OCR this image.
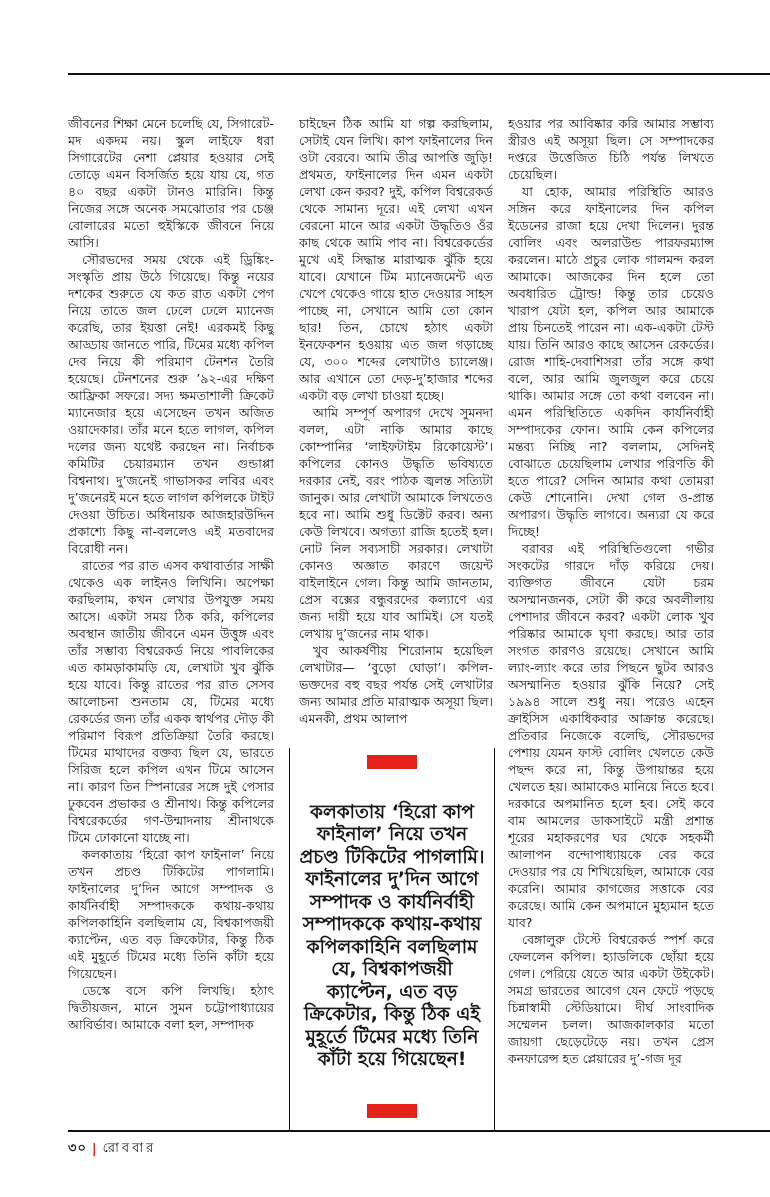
জীবনের শিক্ষা মেনে চলেছি যে, সিগারেট-মদ একদম নয়। স্কুল লাইফে ধরা সিগারেটের নেশা প্লেয়ার হওয়ার সেই তোড়ে এমন বিসর্জিত হয়ে যায় যে, গত ৪০ বছর একটা টানও মারিনি। কিন্তু নিজের সঙ্গে অনেক সমঝোতার পর চেঞ্জ বোলারের মতো হুইস্কিকে জীবনে নিয়ে আসি।

সৌরভদের সময় থেকে এই ড্রিঙ্কিং-সংস্কৃতি প্রায় উঠে গিয়েছে। কিন্তু নয়ের দশকের শুরুতে যে কত রাত একটা পেগ নিয়ে তাতে জল ঢেলে ঢেলে ম্যানেজ করেছি, তার ইয়ত্তা নেই! এরকমই কিছু আড্ডায় জানতে পারি, টিমের মধ্যে কপিল দেব নিয়ে কী পরিমাণ টেনশন তৈরি হয়েছে। টেনশনের শুরু ’৯২-এর দক্ষিণ আফ্রিকা সফরে। সদ্য ক্ষমতাশালী ক্রিকেট ম্যানেজার হয়ে এসেছেন তখন অজিত ওয়াদেকার। তাঁর মনে হতে লাগল, কপিল দলের জন্য যথেষ্ট করছেন না। নির্বাচক কমিটির চেয়ারম্যান তখন গুন্ডাপ্পা বিশ্বনাথ। দু’জনেই গাভাসকর লবির এবং দু’জনেরই মনে হতে লাগল কপিলকে টাইট দেওয়া উচিত। অধিনায়ক আজহারউদ্দিন প্রকাশ্যে কিছু না-বললেও এই মতবাদের বিরোধী নন।

রাতের পর রাত এসব কথাবার্তার সাক্ষী থেকেও এক লাইনও লিখিনি। অপেক্ষা করছিলাম, কখন লেখার উপযুক্ত সময় আসে। একটা সময় ঠিক করি, কপিলের অবস্থান জাতীয় জীবনে এমন উত্তুঙ্গ এবং তাঁর সম্ভাব্য বিশ্বরেকর্ড নিয়ে পাবলিকের এত কামড়াকামড়ি যে, লেখাটা খুব ঝুঁকি হয়ে যাবে। কিন্তু রাতের পর রাত সেসব আলোচনা শুনতাম যে, টিমের মধ্যে রেকর্ডের জন্য তাঁর একক স্বার্থপর দৌড় কী পরিমাণ বিরূপ প্রতিক্রিয়া তৈরি করছে। টিমের মাথাদের বক্তব্য ছিল যে, ভারতে সিরিজ হলে কপিল এখন টিমে আসেন না। কারণ তিন স্পিনারের সঙ্গে দুই পেসার ঢুকবেন প্রভাকর ও শ্রীনাথ। কিন্তু কপিলের বিশ্বরেকর্ডের গণ-উন্মাদনায় শ্রীনাথকে টিমে ঢোকানো যাচ্ছে না।

কলকাতায় ‘হিরো কাপ ফাইনাল’ নিয়ে তখন প্রচণ্ড টিকিটের পাগলামি। ফাইনালের দু’দিন আগে সম্পাদক ও কার্যনির্বাহী সম্পাদককে কথায়-কথায় কপিলকাহিনি বলছিলাম যে, বিশ্বকাপজয়ী ক্যাপ্টেন, এত বড় ক্রিকেটার, কিন্তু ঠিক এই মুহূর্তে টিমের মধ্যে তিনি কাঁটা হয়ে গিয়েছেন।

ডেস্কে বসে কপি লিখছি। হঠাৎ দ্বিতীয়জন, মানে সুমন চট্টোপাধ্যায়ের আবির্ভাব। আমাকে বলা হল, সম্পাদক

চাইছেন ঠিক আমি যা গল্প করছিলাম, সেটাই যেন লিখি। কাপ ফাইনালের দিন ওটা বেরবে। আমি তীব্র আপত্তি জুড়ি! প্রথমত, ফাইনালের দিন এমন একটা লেখা কেন করব? দুই, কপিল বিশ্বরেকর্ড থেকে সামান্য দূরে। এই লেখা এখন বেরনো মানে আর একটা উদ্ধৃতিও ওঁর কাছ থেকে আমি পাব না। বিশ্বরেকর্ডের মুখে এই সিদ্ধান্ত মারাত্মক ঝুঁকি হয়ে যাবে। যেখানে টিম ম্যানেজমেন্ট এত খেপে থেকেও গায়ে হাত দেওয়ার সাহস পাচ্ছে না, সেখানে আমি তো কোন ছার! তিন, চোখে হঠাৎ একটা ইনফেকশন হওয়ায় এত জল গড়াচ্ছে যে, ৩০০ শব্দের লেখাটাও চ্যালেঞ্জ। আর এখানে তো দেড়-দু’হাজার শব্দের একটা বড় লেখা চাওয়া হচ্ছে।

আমি সম্পূর্ণ অপারগ দেখে সুমনদা বলল, এটা নাকি আমার কাছে কোম্পানির ‘লাইফটাইম রিকোয়েস্ট’। কপিলের কোনও উদ্ধৃতি ভবিষ্যতে দরকার নেই, বরং পাঠক জ্বলন্ত সত্যিটা জানুক। আর লেখাটা আমাকে লিখতেও হবে না। আমি শুধু ডিক্টেট করব। অন্য কেউ লিখবে। অগত্যা রাজি হতেই হল। নোট নিল সব্যসাচী সরকার। লেখাটা কোনও অজ্ঞাত কারণে জয়েন্ট বাইলাইনে গেল। কিন্তু আমি জানতাম, প্রেস বক্সের বন্ধুবরদের কল্যাণে এর জন্য দায়ী হয়ে যাব আমিই। সে যতই লেখায় দু’জনের নাম থাক।

খুব আকর্ষণীয় শিরোনাম হয়েছিল লেখাটার— ‘বুড়ো ঘোড়া’। কপিল-ভক্তদের বহু বছর পর্যন্ত সেই লেখাটার জন্য আমার প্রতি মারাত্মক অসূয়া ছিল। এমনকী, প্রথম আলাপ

হওয়ার পর আবিষ্কার করি আমার সম্ভাব্য স্ত্রীরও এই অসূয়া ছিল। সে সম্পাদকের দপ্তরে উত্তেজিত চিঠি পর্যন্ত লিখতে চেয়েছিল।

যা হোক, আমার পরিস্থিতি আরও সঙ্গিন করে ফাইনালের দিন কপিল ইডেনের রাজা হয়ে দেখা দিলেন। দুরন্ত বোলিং এবং অলরাউন্ড পারফরম্যান্স করলেন। মাঠে প্রচুর লোক গালমন্দ করল আমাকে। আজকের দিন হলে তো অবধারিত ট্রোল্ড! কিন্তু তার চেয়েও খারাপ যেটা হল, কপিল আর আমাকে প্রায় চিনতেই পারেন না। এক-একটা টেস্ট যায়। তিনি আরও কাছে আসেন রেকর্ডের। রোজ শাহি-দেবাশিসরা তাঁর সঙ্গে কথা বলে, আর আমি জুলজুল করে চেয়ে থাকি। আমার সঙ্গে তো কথা বলবেন না। এমন পরিস্থিতিতে একদিন কার্যনির্বাহী সম্পাদকের ফোন। আমি কেন কপিলের মন্তব্য নিচ্ছি না? বললাম, সেদিনই বোঝাতে চেয়েছিলাম লেখার পরিণতি কী হতে পারে? সেদিন আমার কথা তোমরা কেউ শোনোনি। দেখা গেল ও-প্রান্ত অপারগ। উদ্ধৃতি লাগবে। অন্যরা যে করে দিচ্ছে!

বরাবর এই পরিস্থিতিগুলো গভীর সংকটের গারদে দাঁড় করিয়ে দেয়। ব্যক্তিগত জীবনে যেটা চরম অসম্মানজনক, সেটা কী করে অবলীলায় পেশাদার জীবনে করব? একটা লোক খুব পরিষ্কার আমাকে ঘৃণা করছে। আর তার সংগত কারণও রয়েছে। সেখানে আমি ল্যাং-ল্যাং করে তার পিছনে ছুটব আরও অসম্মানিত হওয়ার ঝুঁকি নিয়ে? সেই ১৯৯৪ সালে শুধু নয়। পরেও এহেন ক্রাইসিস একাধিকবার আক্রান্ত করেছে। প্রতিবার নিজেকে বলেছি, সৌরভদের পেশায় যেমন ফাস্ট বোলিং খেলতে কেউ পছন্দ করে না, কিন্তু উপায়ান্তর হয়ে খেলতে হয়। আমাকেও মানিয়ে নিতে হবে। দরকারে অপমানিত হলে হব। সেই কবে বাম আমলের ডাকসাইটে মন্ত্রী প্রশান্ত শূরের মহাকরণের ঘর থেকে সহকর্মী আলাপন বন্দোপাধ্যায়কে বের করে দেওয়ার পর যে শিখিয়েছিল, আমাকে বের করেনি। আমার কাগজের সত্তাকে বের করেছে। আমি কেন অপমানে মুহ্যমান হতে যাব?

বেঙ্গালুরু টেস্টে বিশ্বরেকর্ড স্পর্শ করে ফেললেন কপিল। হ্যাডলিকে ছোঁয়া হয়ে গেল। পেরিয়ে যেতে আর একটা উইকেট। সমগ্র ভারতের আবেগ যেন ফেটে পড়ছে চিন্নাস্বামী স্টেডিয়ামে। দীর্ঘ সাংবাদিক সম্মেলন চলল। আজকালকার মতো জায়গা ছেড়েটেড়ে নয়। তখন প্রেস কনফারেন্স হত প্লেয়ারের দু’-গজ দূর

কলকাতায় ‘হিরো কাপ ফাইনাল’ নিয়ে তখন প্রচণ্ড টিকিটের পাগলামি। ফাইনালের দু’দিন আগে সম্পাদক ও কার্যনির্বাহী সম্পাদককে কথায়-কথায় কপিলকাহিনি বলছিলাম যে, বিশ্বকাপজয়ী ক্যাপ্টেন, এত বড় ক্রিকেটার, কিন্তু ঠিক এই মুহূর্তে টিমের মধ্যে তিনি কাঁটা হয়ে গিয়েছেন!
৩০ | রোববার
